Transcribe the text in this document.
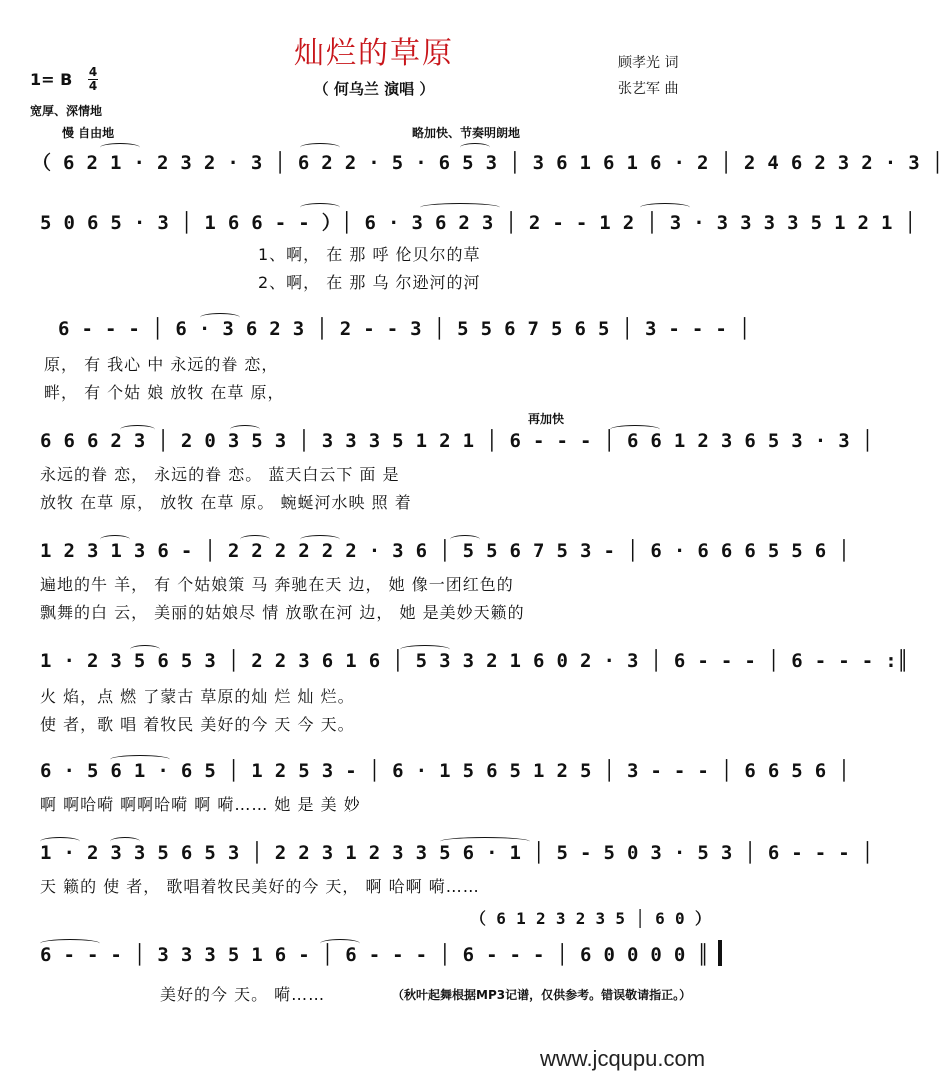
灿烂的草原
（ 何乌兰 演唱 ）
顾孝光 词
张艺军 曲
1= B 4
4
宽厚、深情地
慢 自由地	略加快、节奏明朗地
再加快
（ 6 2 1 · 2 3 2 · 3 │ 6 2 2 · 5 · 6 5 3 │ 3 6 1 6 1 6 · 2 │ 2 4 6 2 3 2 · 3 │
5 0 6 5 · 3 │ 1 6 6 - - ）│ 6 · 3 6 2 3 │ 2 - - 1 2 │ 3 · 3 3 3 3 5 1 2 1 │
1、啊， 在 那 呼 伦贝尔的草
2、啊， 在 那 乌 尔逊河的河
6 - - - │ 6 · 3 6 2 3 │ 2 - - 3 │ 5 5 6 7 5 6 5 │ 3 - - - │
原， 有 我心 中 永远的眷 恋，
畔， 有 个姑 娘 放牧 在草 原，
6 6 6 2 3 │ 2 0 3 5 3 │ 3 3 3 5 1 2 1 │ 6 - - - │ 6 6 1 2 3 6 5 3 · 3 │
永远的眷 恋， 永远的眷 恋。 蓝天白云下 面 是
放牧 在草 原， 放牧 在草 原。 蜿蜒河水映 照 着
1 2 3 1 3 6 - │ 2 2 2 2 2 2 · 3 6 │ 5 5 6 7 5 3 - │ 6 · 6 6 6 5 5 6 │
遍地的牛 羊， 有 个姑娘策 马 奔驰在天 边， 她 像一团红色的
飘舞的白 云， 美丽的姑娘尽 情 放歌在河 边， 她 是美妙天籁的
1 · 2 3 5 6 5 3 │ 2 2 3 6 1 6 │ 5 3 3 2 1 6 0 2 · 3 │ 6 - - - │ 6 - - - :║
火 焰，点 燃 了蒙古 草原的灿 烂 灿 烂。
使 者，歌 唱 着牧民 美好的今 天 今 天。
6 · 5 6 1 · 6 5 │ 1 2 5 3 - │ 6 · 1 5 6 5 1 2 5 │ 3 - - - │ 6 6 5 6 │
啊 啊哈嗬 啊啊哈嗬 啊 嗬…… 她 是 美 妙
1 · 2 3 3 5 6 5 3 │ 2 2 3 1 2 3 3 5 6 · 1 │ 5 - 5 0 3 · 5 3 │ 6 - - - │
天 籁的 使 者， 歌唱着牧民美好的今 天， 啊 哈啊 嗬……
（ 6 1 2 3 2 3 5 │ 6 0 ）
6 - - - │ 3 3 3 5 1 6 - │ 6 - - - │ 6 - - - │ 6 0 0 0 0 ║
美好的今 天。 嗬……	（秋叶起舞根据MP3记谱，仅供参考。错误敬请指正。）
www.jcqupu.com
